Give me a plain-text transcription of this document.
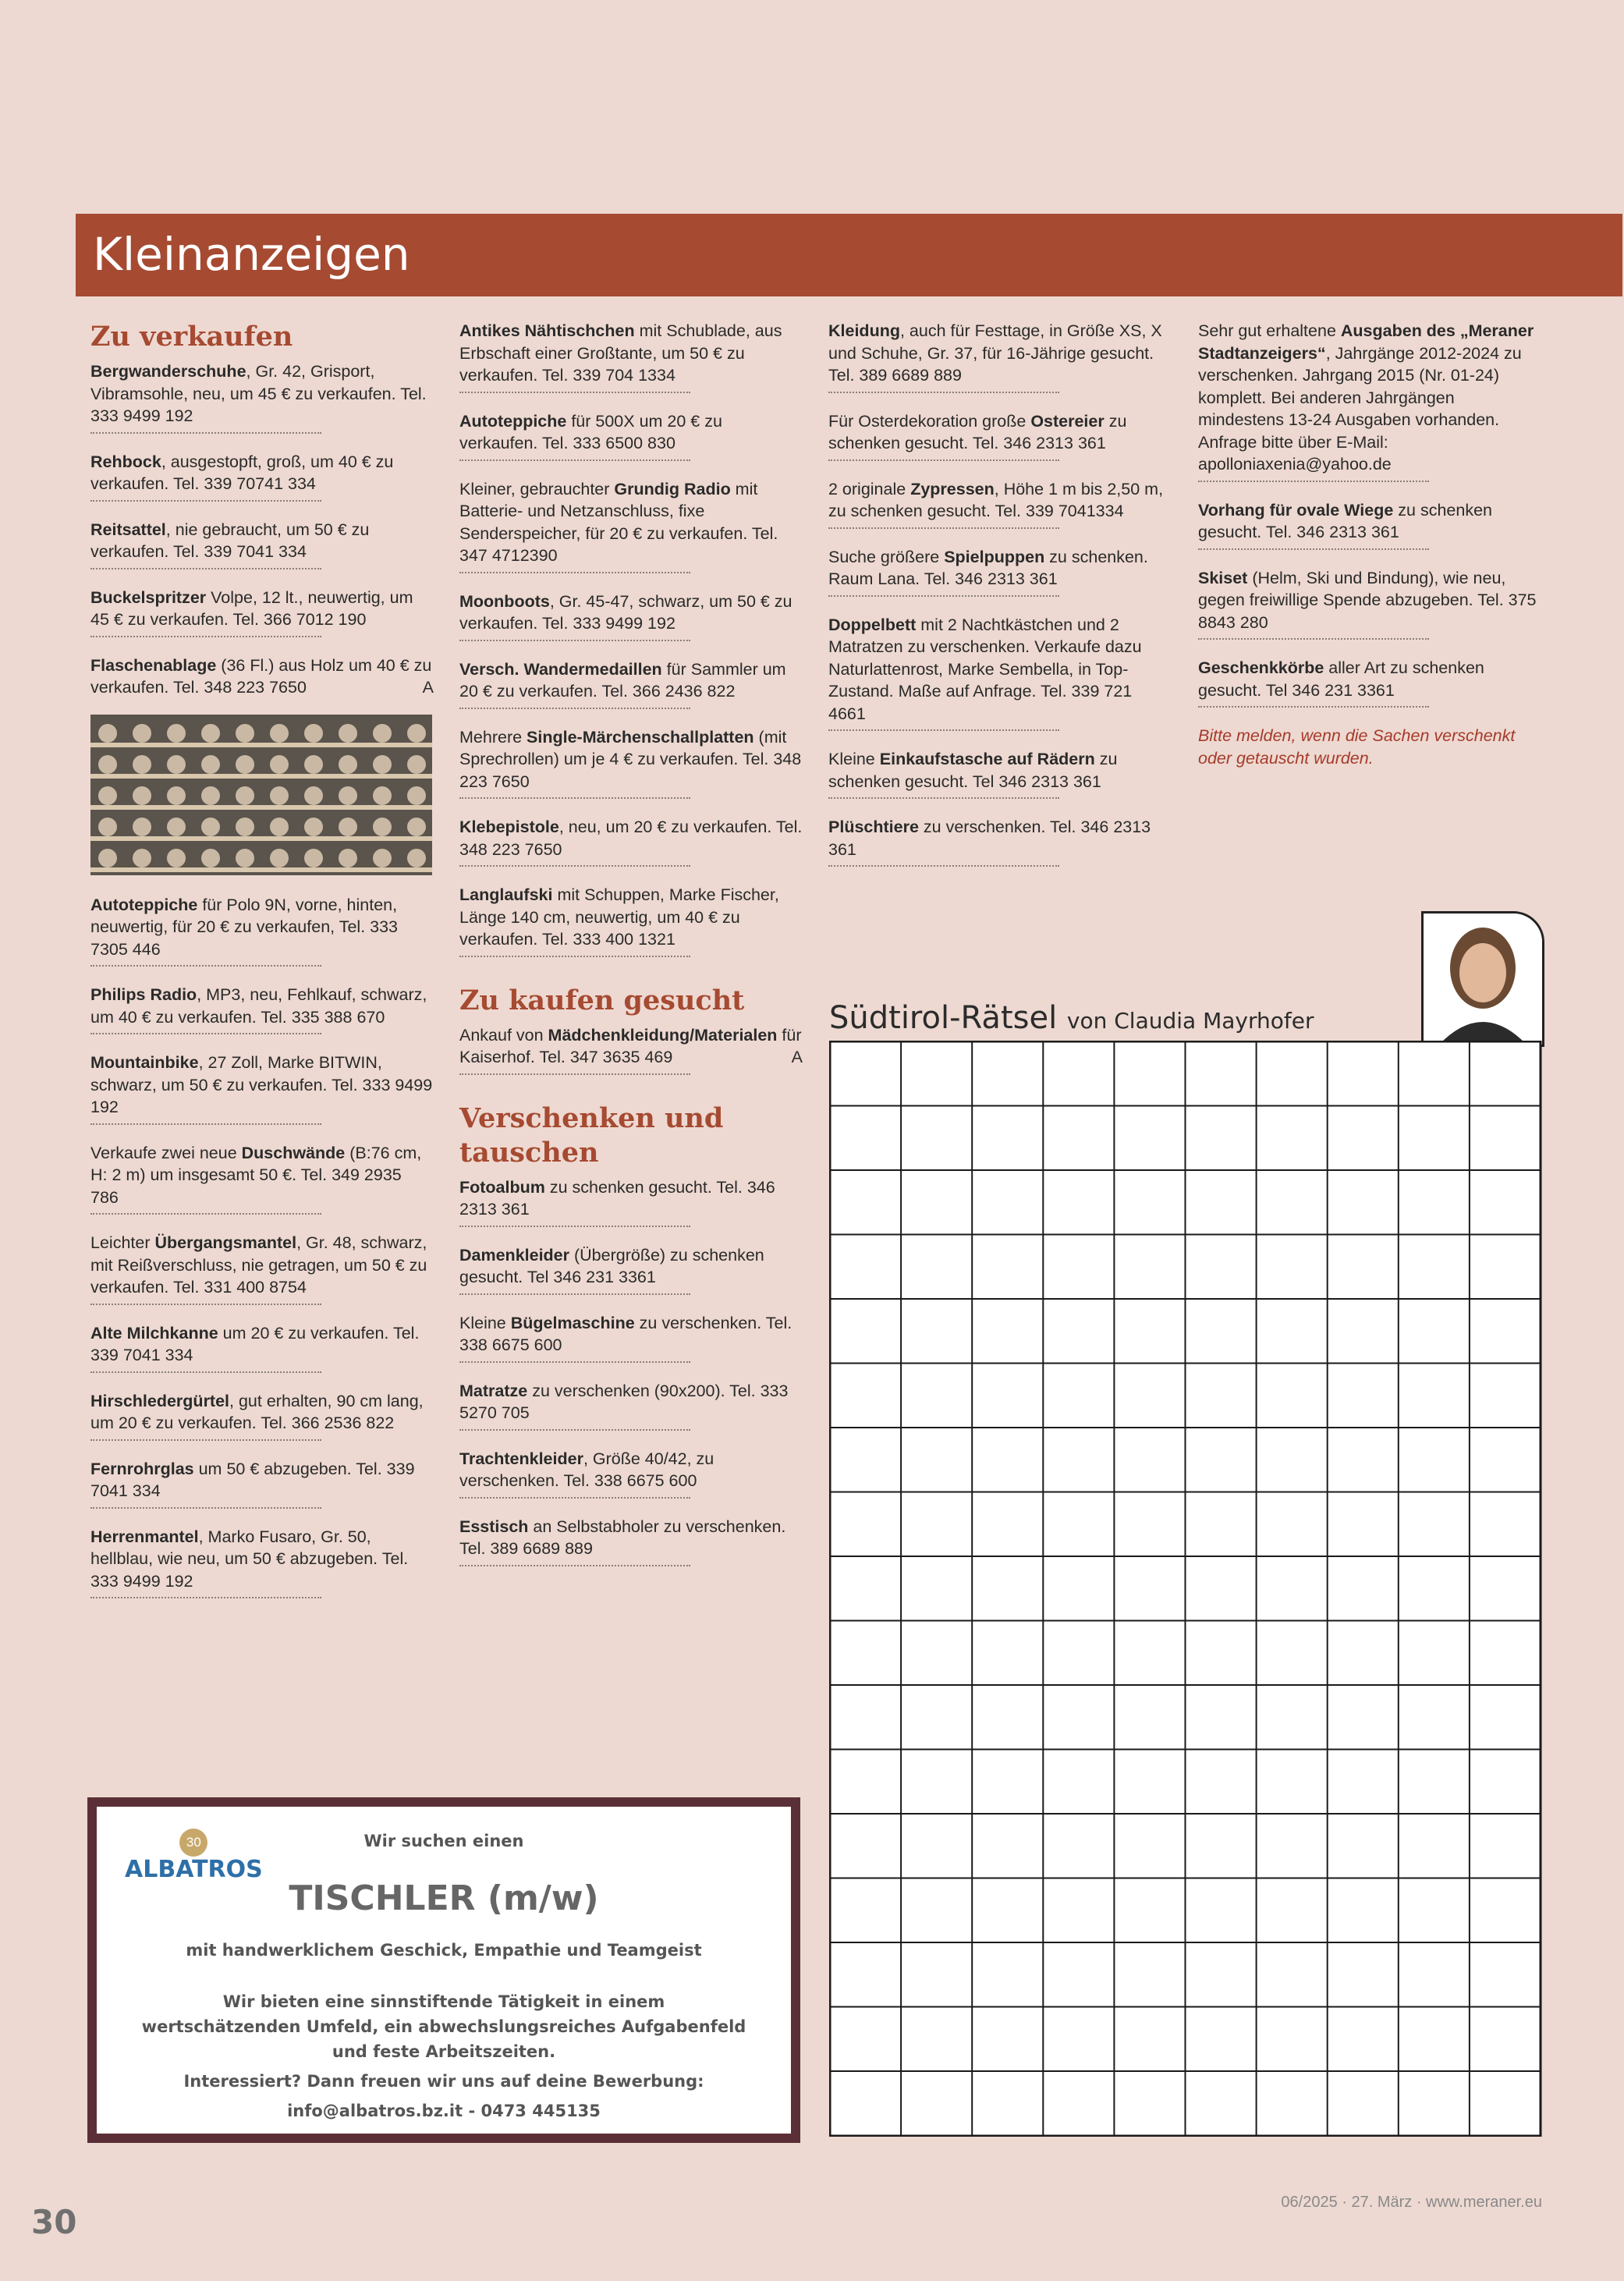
Kleinanzeigen
Zu verkaufen
Bergwanderschuhe, Gr. 42, Grisport, Vibramsohle, neu, um 45 € zu verkaufen. Tel. 333 9499 192
Rehbock, ausgestopft, groß, um 40 € zu verkaufen. Tel. 339 70741 334
Reitsattel, nie gebraucht, um 50 € zu verkaufen. Tel. 339 7041 334
Buckelspritzer Volpe, 12 lt., neuwertig, um 45 € zu verkaufen. Tel. 366 7012 190
Flaschenablage (36 Fl.) aus Holz um 40 € zu verkaufen. Tel. 348 223 7650	A
Autoteppiche für Polo 9N, vorne, hinten, neuwertig, für 20 € zu verkaufen, Tel. 333 7305 446
Philips Radio, MP3, neu, Fehlkauf, schwarz, um 40 € zu verkaufen. Tel. 335 388 670
Mountainbike, 27 Zoll, Marke BITWIN, schwarz, um 50 € zu verkaufen. Tel. 333 9499 192
Verkaufe zwei neue Duschwände (B:76 cm, H: 2 m) um insgesamt 50 €. Tel. 349 2935 786
Leichter Übergangsmantel, Gr. 48, schwarz, mit Reißverschluss, nie getragen, um 50 € zu verkaufen. Tel. 331 400 8754
Alte Milchkanne um 20 € zu verkaufen. Tel. 339 7041 334
Hirschledergürtel, gut erhalten, 90 cm lang, um 20 € zu verkaufen. Tel. 366 2536 822
Fernrohrglas um 50 € abzugeben. Tel. 339 7041 334
Herrenmantel, Marko Fusaro, Gr. 50, hellblau, wie neu, um 50 € abzugeben. Tel. 333 9499 192
Antikes Nähtischchen mit Schublade, aus Erbschaft einer Großtante, um 50 € zu verkaufen. Tel. 339 704 1334
Autoteppiche für 500X um 20 € zu verkaufen. Tel. 333 6500 830
Kleiner, gebrauchter Grundig Radio mit Batterie- und Netzanschluss, fixe Senderspeicher, für 20 € zu verkaufen. Tel. 347 4712390
Moonboots, Gr. 45-47, schwarz, um 50 € zu verkaufen. Tel. 333 9499 192
Versch. Wandermedaillen für Sammler um 20 € zu verkaufen. Tel. 366 2436 822
Mehrere Single-Märchenschallplatten (mit Sprechrollen) um je 4 € zu verkaufen. Tel. 348 223 7650
Klebepistole, neu, um 20 € zu verkaufen. Tel. 348 223 7650
Langlaufski mit Schuppen, Marke Fischer, Länge 140 cm, neuwertig, um 40 € zu verkaufen. Tel. 333 400 1321
Zu kaufen gesucht
Ankauf von Mädchenkleidung/Materialen für Kaiserhof. Tel. 347 3635 469	A
Verschenken und tauschen
Fotoalbum zu schenken gesucht. Tel. 346 2313 361
Damenkleider (Übergröße) zu schenken gesucht. Tel 346 231 3361
Kleine Bügelmaschine zu verschenken. Tel. 338 6675 600
Matratze zu verschenken (90x200). Tel. 333 5270 705
Trachtenkleider, Größe 40/42, zu verschenken. Tel. 338 6675 600
Esstisch an Selbstabholer zu verschenken. Tel. 389 6689 889
Kleidung, auch für Festtage, in Größe XS, X und Schuhe, Gr. 37, für 16-Jährige gesucht. Tel. 389 6689 889
Für Osterdekoration große Ostereier zu schenken gesucht. Tel. 346 2313 361
2 originale Zypressen, Höhe 1 m bis 2,50 m, zu schenken gesucht. Tel. 339 7041334
Suche größere Spielpuppen zu schenken. Raum Lana. Tel. 346 2313 361
Doppelbett mit 2 Nachtkästchen und 2 Matratzen zu verschenken. Verkaufe dazu Naturlattenrost, Marke Sembella, in Top-Zustand. Maße auf Anfrage. Tel. 339 721 4661
Kleine Einkaufstasche auf Rädern zu schenken gesucht. Tel 346 2313 361
Plüschtiere zu verschenken. Tel. 346 2313 361
Sehr gut erhaltene Ausgaben des „Meraner Stadtanzeigers“, Jahrgänge 2012-2024 zu verschenken. Jahrgang 2015 (Nr. 01-24) komplett. Bei anderen Jahrgängen mindestens 13-24 Ausgaben vorhanden. Anfrage bitte über E-Mail: apolloniaxenia@yahoo.de
Vorhang für ovale Wiege zu schenken gesucht. Tel. 346 2313 361
Skiset (Helm, Ski und Bindung), wie neu, gegen freiwillige Spende abzugeben. Tel. 375 8843 280
Geschenkkörbe aller Art zu schenken gesucht. Tel 346 231 3361
Bitte melden, wenn die Sachen verschenkt oder getauscht wurden.
30
ALBATROS
Wir suchen einen
TISCHLER (m/w)
mit handwerklichem Geschick, Empathie und Teamgeist
Wir bieten eine sinnstiftende Tätigkeit in einem
wertschätzenden Umfeld, ein abwechslungsreiches Aufgabenfeld
und feste Arbeitszeiten.
Interessiert? Dann freuen wir uns auf deine Bewerbung:
info@albatros.bz.it - 0473 445135
Südtirol-Rätsel von Claudia Mayrhofer
30
06/2025 · 27. März · www.meraner.eu
